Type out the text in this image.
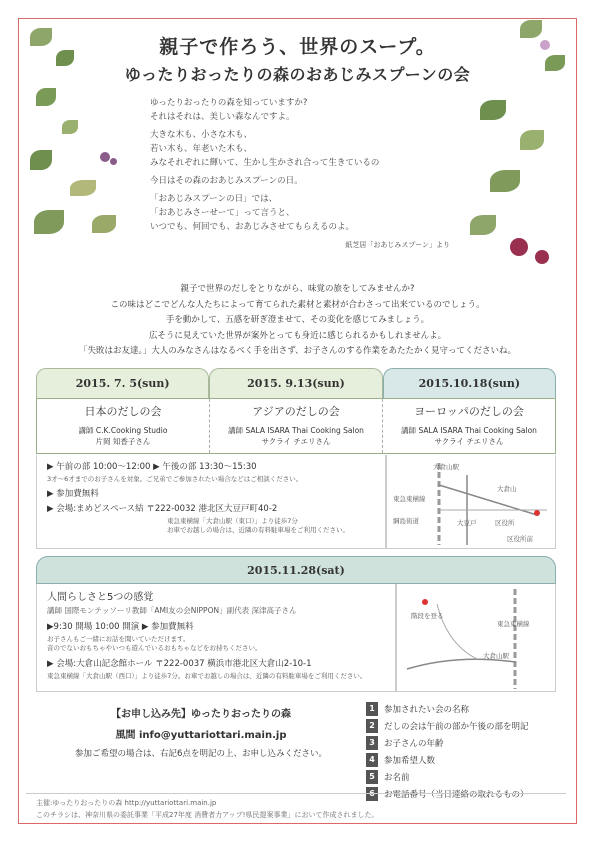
親子で作ろう、世界のスープ。
ゆったりおったりの森のおあじみスプーンの会

ゆったりおったりの森を知っていますか?
それはそれは、美しい森なんですよ。

大きな木も、小さな木も、
若い木も、年老いた木も、
みなそれぞれに輝いて、生かし生かされ合って生きているの

今日はその森のおあじみスプーンの日。

「おあじみスプーンの日」では、
「おあじみさーせーて」って言うと、
いつでも、何回でも、おあじみさせてもらえるのよ。

紙芝居「おあじみスプーン」より

親子で世界のだしをとりながら、味覚の旅をしてみませんか?
この味はどこでどんな人たちによって育てられた素材と素材が合わさって出来ているのでしょう。
手を動かして、五感を研ぎ澄ませて、その変化を感じてみましょう。
広そうに見えていた世界が案外とっても身近に感じられるかもしれませんよ。
「失敗はお友達。」大人のみなさんはなるべく手を出さず、お子さんのする作業をあたたかく見守ってくださいね。
2015. 7. 5(sun)	2015. 9.13(sun)	2015.10.18(sun)
日本のだしの会
講師 C.K.Cooking Studio
片岡 知香子さん
アジアのだしの会
講師 SALA ISARA Thai Cooking Salon
サクライ チエリさん
ヨーロッパのだしの会
講師 SALA ISARA Thai Cooking Salon
サクライ チエリさん
▶ 午前の部 10:00〜12:00 ▶ 午後の部 13:30〜15:30
3才〜6才までのお子さんを対象。ご兄弟でご参加されたい場合などはご相談ください。
▶ 参加費無料
▶ 会場:まめどスペース結 〒222-0032 港北区大豆戸町40-2
東急東横線「大倉山駅（東口）」より徒歩7分
お車でお越しの場合は、近隣の有料駐車場をご利用ください。
大倉山駅
東急東横線
綱島街道
大倉山
大豆戸	区役所
区役所前
2015.11.28(sat)
人間らしさと5つの感覚
講師 国際モンテッソーリ教師「AMI友の会NIPPON」副代表 深津高子さん
▶9:30 開場 10:00 開演 ▶ 参加費無料
お子さんもご一緒にお話を聞いていただけます。
音のでないおもちゃやいつも遊んでいるおもちゃなどをお持ちください。
▶ 会場:大倉山記念館ホール 〒222-0037 横浜市港北区大倉山2-10-1
東急東横線「大倉山駅（西口）」より徒歩7分。お車でお越しの場合は、近隣の有料駐車場をご利用ください。
大倉山駅
東急東横線
階段を登る
【お申し込み先】ゆったりおったりの森
風間 info@yuttariottari.main.jp
参加ご希望の場合は、右記6点を明記の上、お申し込みください。
1	参加されたい会の名称
2	だしの会は午前の部か午後の部を明記
3	お子さんの年齢
4	参加希望人数
5	お名前
6	お電話番号（当日連絡の取れるもの）
主催:ゆったりおったりの森 http://yuttariottari.main.jp
このチラシは、神奈川県の委託事業「平成27年度 消費者力アップ!県民提案事業」において作成されました。
